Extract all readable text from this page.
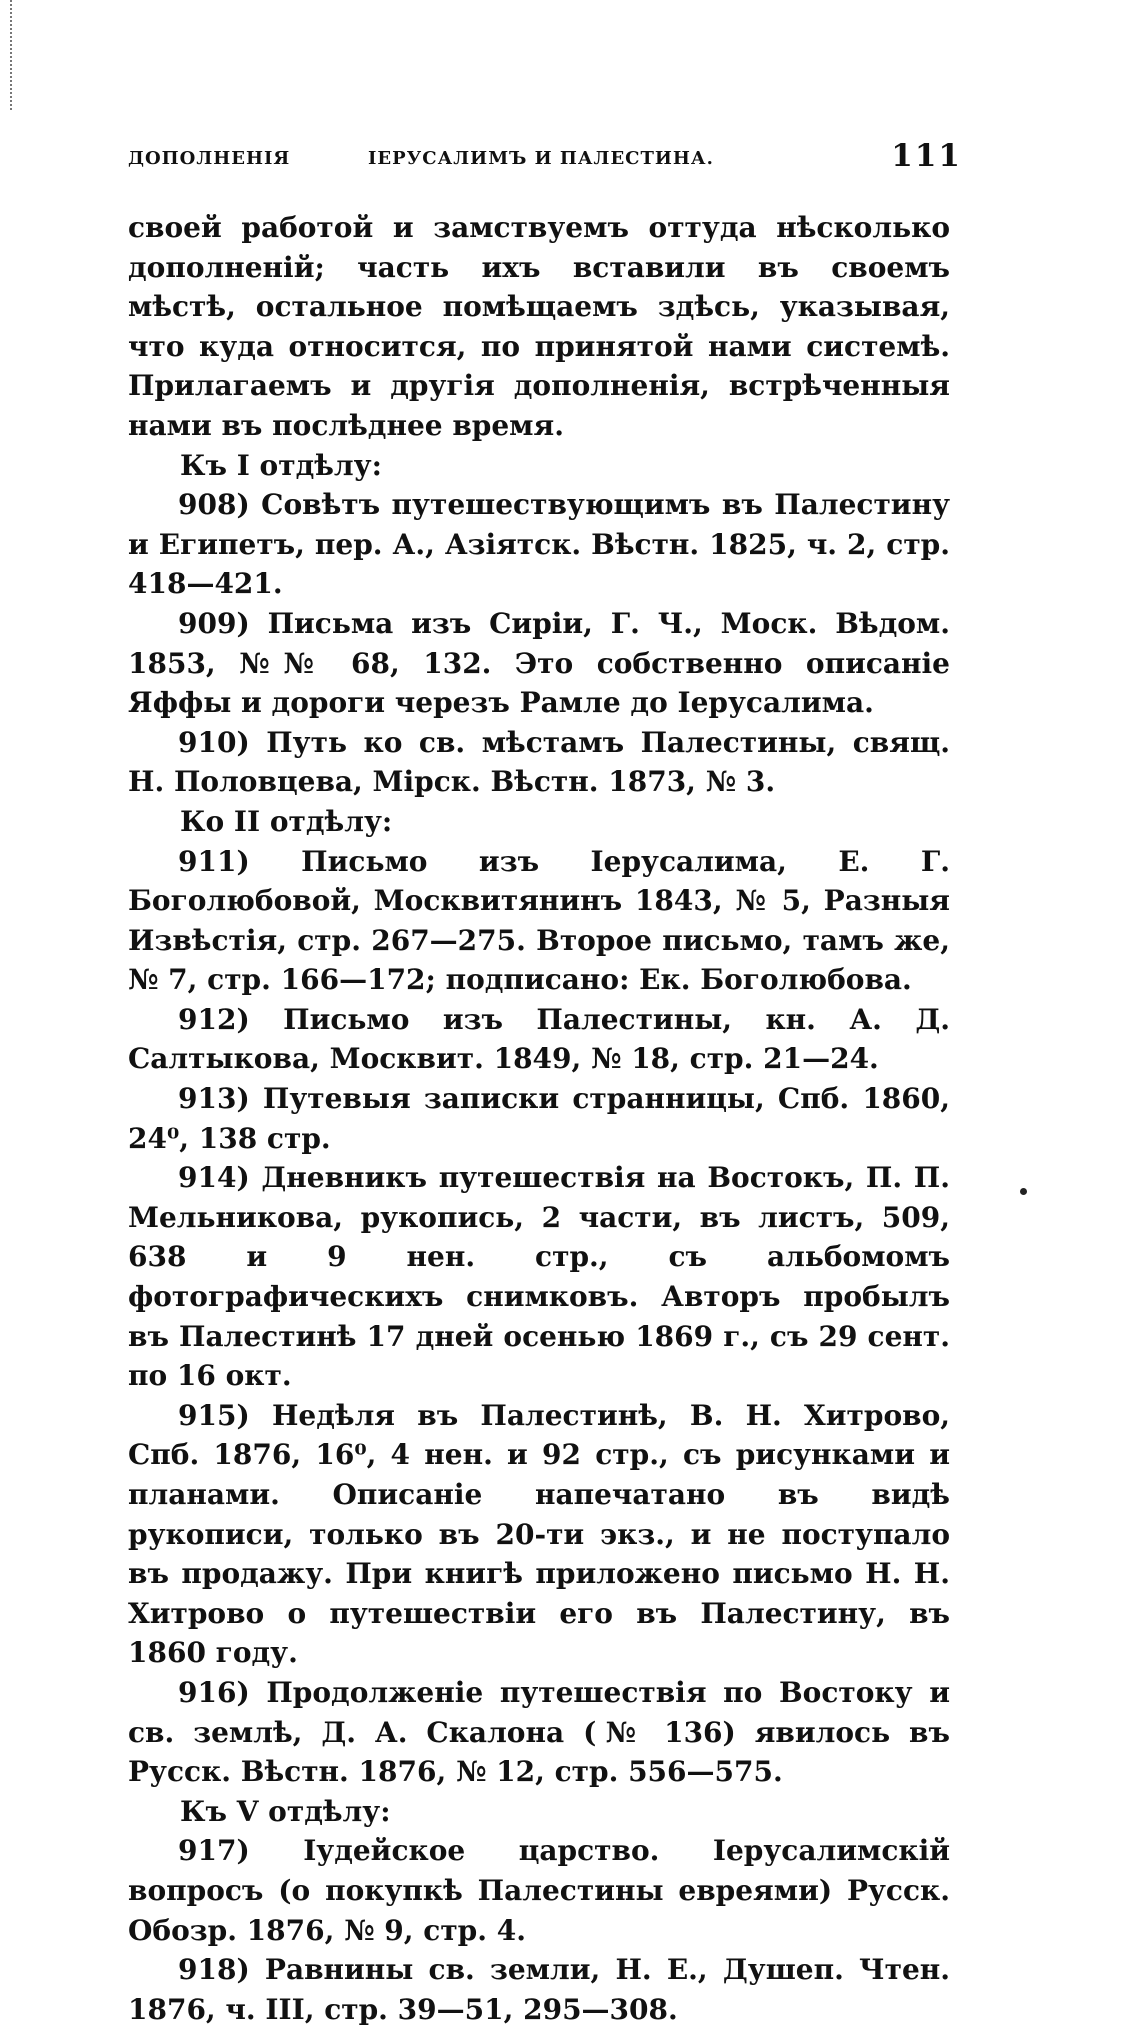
ДОПОЛНЕНІЯ	ІЕРУСАЛИМЪ И ПАЛЕСТИНА.	111

своей работой и замствуемъ оттуда нѣсколько дополненій; часть ихъ вставили въ своемъ мѣстѣ, остальное помѣщаемъ здѣсь, указывая, что куда относится, по принятой нами системѣ. Прилагаемъ и другія дополненія, встрѣченныя нами въ послѣднее время.

Къ I отдѣлу:

908) Совѣтъ путешествующимъ въ Палестину и Египетъ, пер. А., Азіятск. Вѣстн. 1825, ч. 2, стр. 418—421.

909) Письма изъ Сиріи, Г. Ч., Моск. Вѣдом. 1853, №№ 68, 132. Это собственно описаніе Яффы и дороги черезъ Рамле до Іерусалима.

910) Путь ко св. мѣстамъ Палестины, свящ. Н. Половцева, Мірск. Вѣстн. 1873, № 3.

Ко II отдѣлу:

911) Письмо изъ Іерусалима, Е. Г. Боголюбовой, Москвитянинъ 1843, № 5, Разныя Извѣстія, стр. 267—275. Второе письмо, тамъ же, № 7, стр. 166—172; подписано: Ек. Боголюбова.

912) Письмо изъ Палестины, кн. А. Д. Салтыкова, Москвит. 1849, № 18, стр. 21—24.

913) Путевыя записки странницы, Спб. 1860, 24⁰, 138 стр.

914) Дневникъ путешествія на Востокъ, П. П. Мельникова, рукопись, 2 части, въ листъ, 509, 638 и 9 нен. стр., съ альбомомъ фотографическихъ снимковъ. Авторъ пробылъ въ Палестинѣ 17 дней осенью 1869 г., съ 29 сент. по 16 окт.

915) Недѣля въ Палестинѣ, В. Н. Хитрово, Спб. 1876, 16⁰, 4 нен. и 92 стр., съ рисунками и планами. Описаніе напечатано въ видѣ рукописи, только въ 20-ти экз., и не поступало въ продажу. При книгѣ приложено письмо Н. Н. Хитрово о путешествіи его въ Палестину, въ 1860 году.

916) Продолженіе путешествія по Востоку и св. землѣ, Д. А. Скалона (№ 136) явилось въ Русск. Вѣстн. 1876, № 12, стр. 556—575.

Къ V отдѣлу:

917) Іудейское царство. Іерусалимскій вопросъ (о покупкѣ Палестины евреями) Русск. Обозр. 1876, № 9, стр. 4.

918) Равнины св. земли, Н. Е., Душеп. Чтен. 1876, ч. III, стр. 39—51, 295—308.
